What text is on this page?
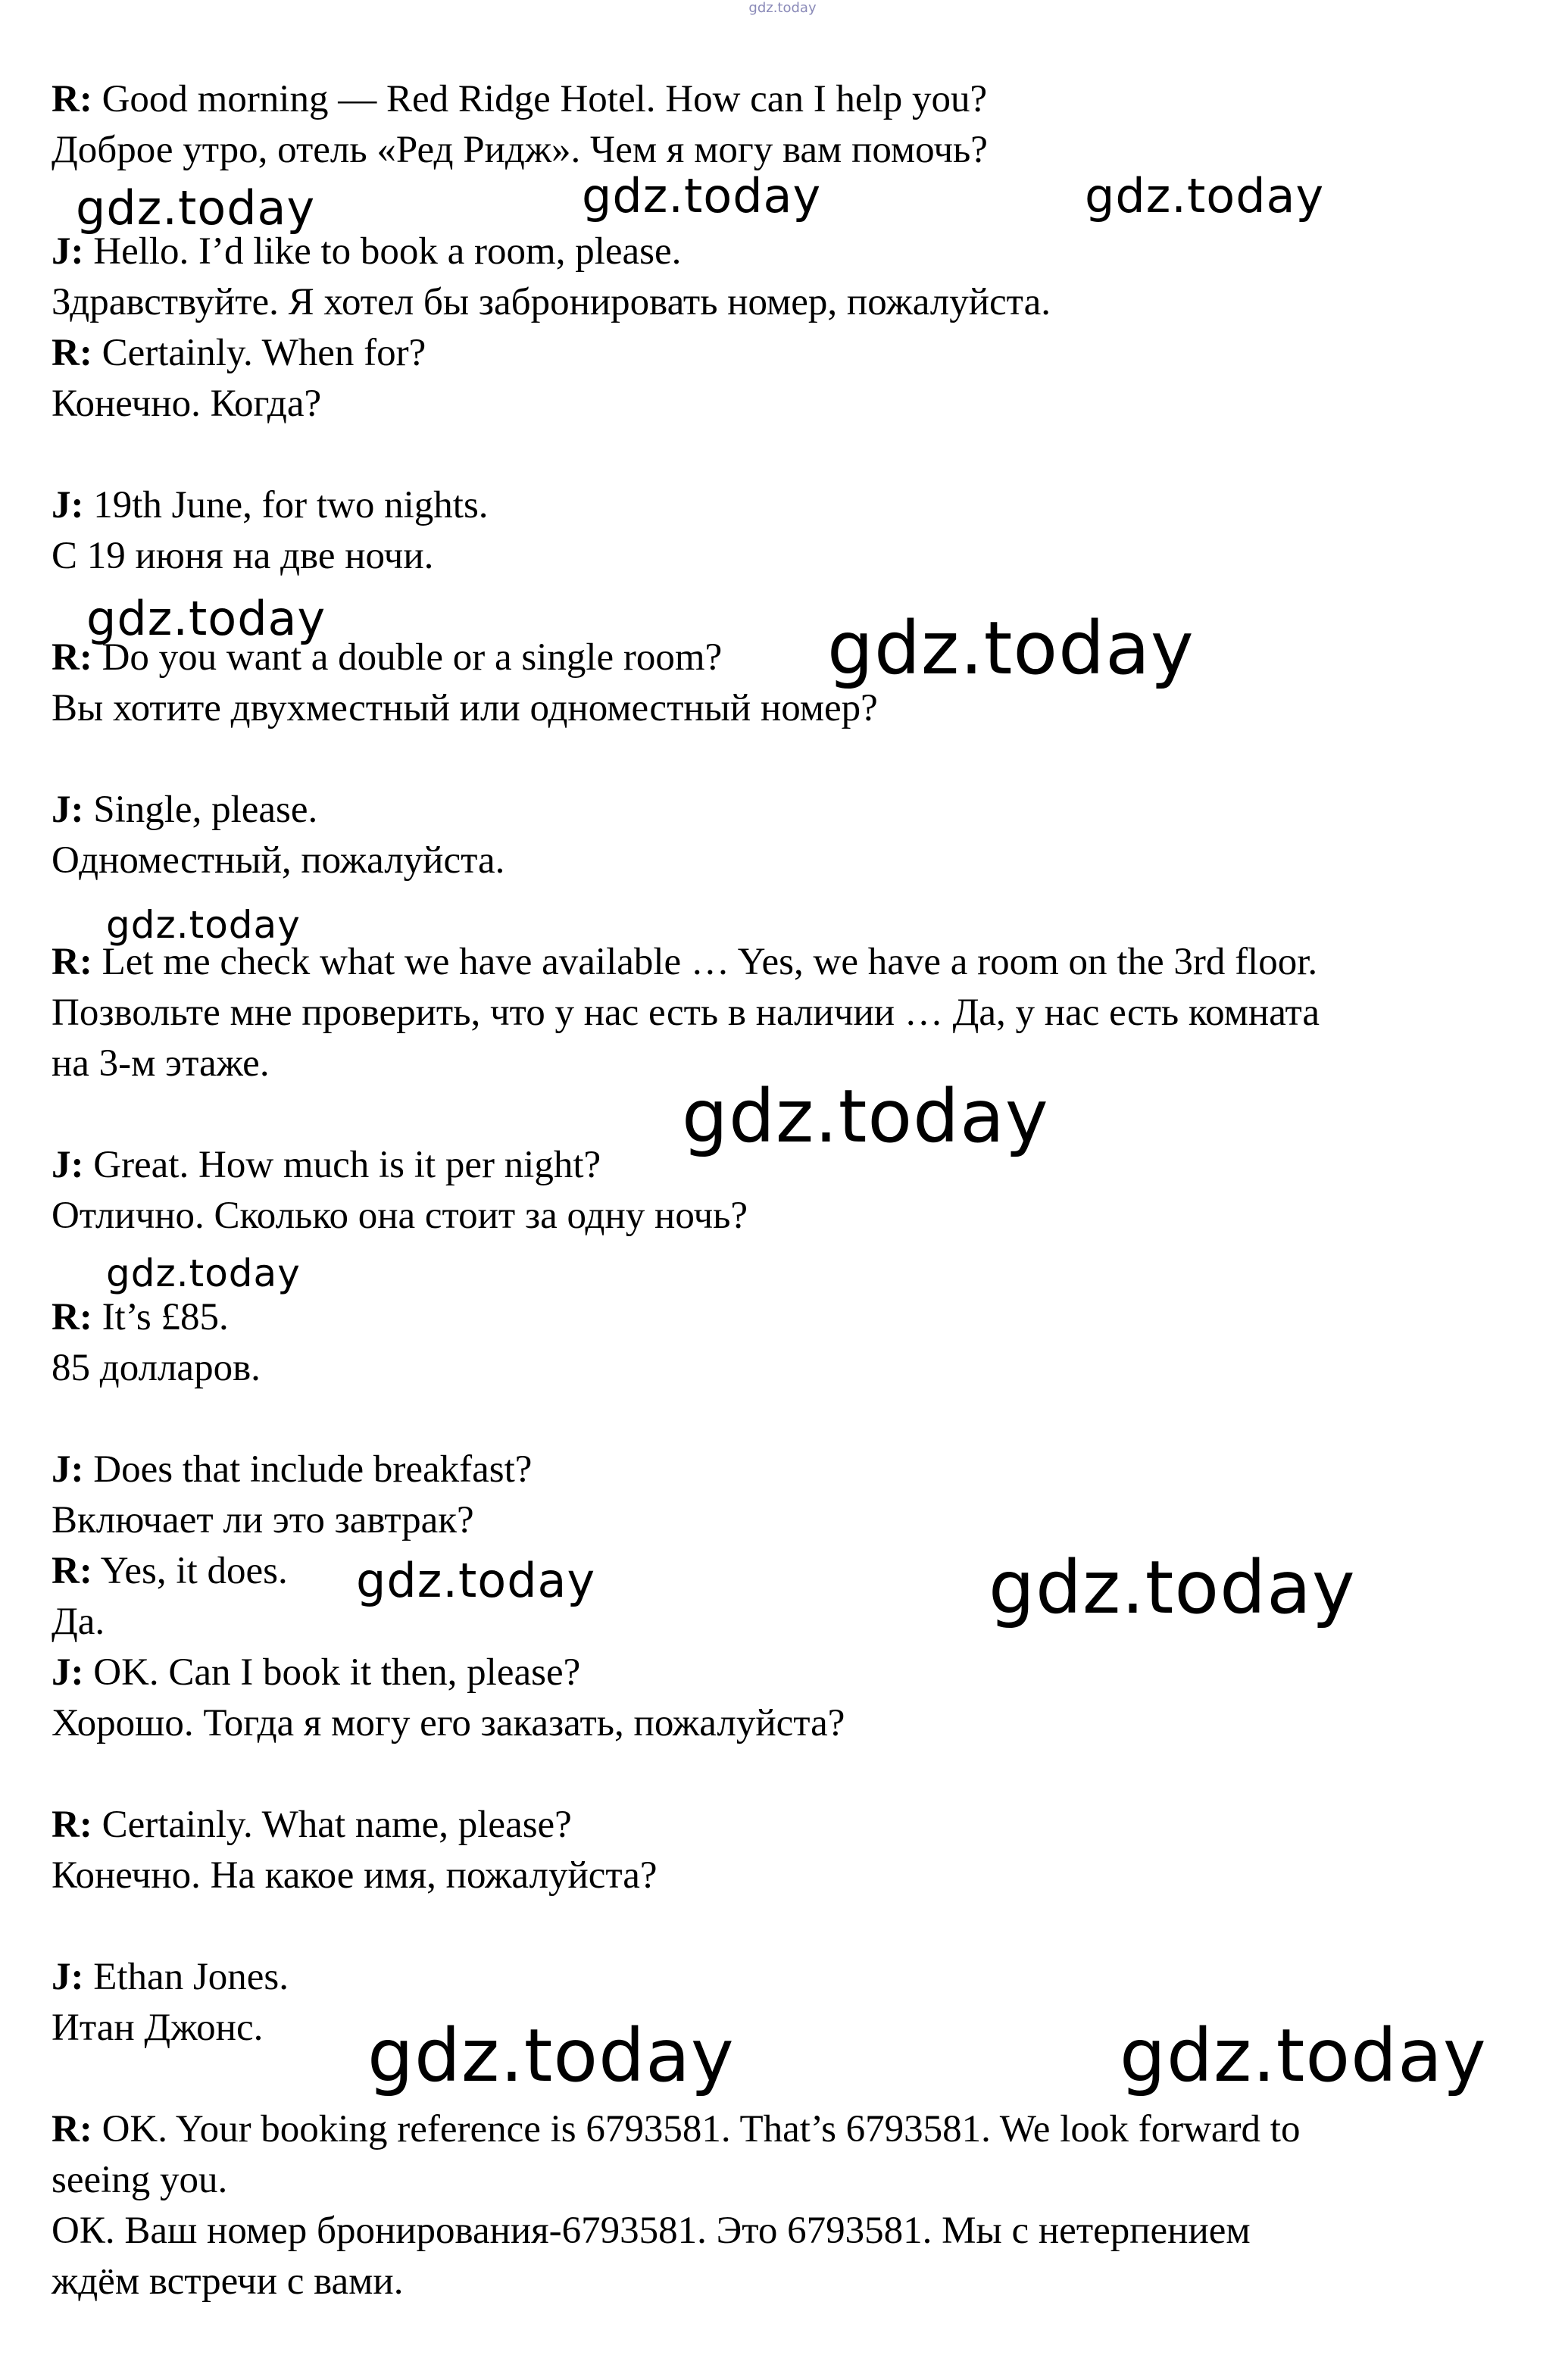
gdz.today
R: Good morning — Red Ridge Hotel. How can I help you?
Доброе утро, отель «Ред Ридж». Чем я могу вам помочь?
J: Hello. I’d like to book a room, please.
Здравствуйте. Я хотел бы забронировать номер, пожалуйста.
R: Certainly. When for?
Конечно. Когда?
J: 19th June, for two nights.
С 19 июня на две ночи.
R: Do you want a double or a single room?
Вы хотите двухместный или одноместный номер?
J: Single, please.
Одноместный, пожалуйста.
R: Let me check what we have available … Yes, we have a room on the 3rd floor.
Позвольте мне проверить, что у нас есть в наличии … Да, у нас есть комната
на 3-м этаже.
J: Great. How much is it per night?
Отлично. Сколько она стоит за одну ночь?
R: It’s £85.
85 долларов.
J: Does that include breakfast?
Включает ли это завтрак?
R: Yes, it does.
Да.
J: OK. Can I book it then, please?
Хорошо. Тогда я могу его заказать, пожалуйста?
R: Certainly. What name, please?
Конечно. На какое имя, пожалуйста?
J: Ethan Jones.
Итан Джонс.
R: OK. Your booking reference is 6793581. That’s 6793581. We look forward to
seeing you.
ОК. Ваш номер бронирования-6793581. Это 6793581. Мы с нетерпением
ждём встречи с вами.
gdz.today	gdz.today	gdz.today
gdz.today	gdz.today
gdz.today
gdz.today
gdz.today
gdz.today	gdz.today
gdz.today	gdz.today
